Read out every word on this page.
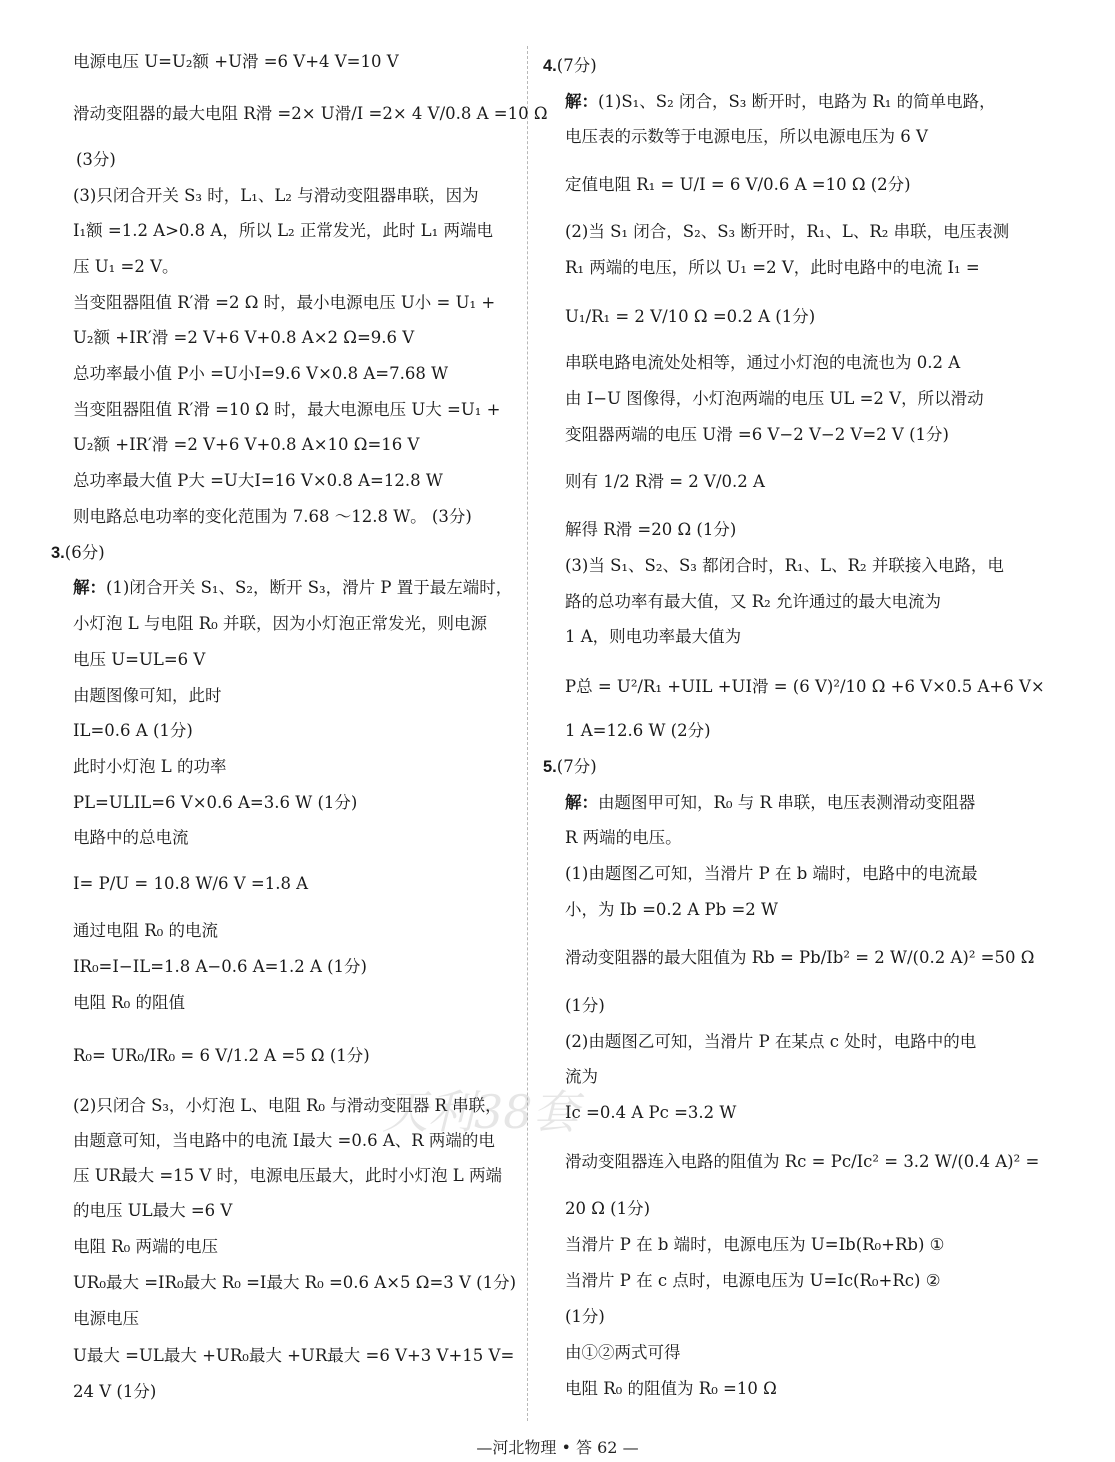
电源电压 U=U₂额 +U滑 =6 V+4 V=10 V
滑动变阻器的最大电阻 R滑 =2× U滑/I =2× 4 V/0.8 A =10 Ω
(3分)
(3)只闭合开关 S₃ 时，L₁、L₂ 与滑动变阻器串联，因为
I₁额 =1.2 A>0.8 A，所以 L₂ 正常发光，此时 L₁ 两端电
压 U₁ =2 V。
当变阻器阻值 R′滑 =2 Ω 时，最小电源电压 U小 = U₁ +
U₂额 +IR′滑 =2 V+6 V+0.8 A×2 Ω=9.6 V
总功率最小值 P小 =U小I=9.6 V×0.8 A=7.68 W
当变阻器阻值 R′滑 =10 Ω 时，最大电源电压 U大 =U₁ +
U₂额 +IR′滑 =2 V+6 V+0.8 A×10 Ω=16 V
总功率最大值 P大 =U大I=16 V×0.8 A=12.8 W
则电路总电功率的变化范围为 7.68 ～12.8 W。 (3分)
3.(6分)
解：(1)闭合开关 S₁、S₂，断开 S₃，滑片 P 置于最左端时，
小灯泡 L 与电阻 R₀ 并联，因为小灯泡正常发光，则电源
电压 U=UL=6 V
由题图像可知，此时
IL=0.6 A (1分)
此时小灯泡 L 的功率
PL=ULIL=6 V×0.6 A=3.6 W (1分)
电路中的总电流
I= P/U = 10.8 W/6 V =1.8 A
通过电阻 R₀ 的电流
IR₀=I−IL=1.8 A−0.6 A=1.2 A (1分)
电阻 R₀ 的阻值
R₀= UR₀/IR₀ = 6 V/1.2 A =5 Ω (1分)
(2)只闭合 S₃，小灯泡 L、电阻 R₀ 与滑动变阻器 R 串联，
由题意可知，当电路中的电流 I最大 =0.6 A、R 两端的电
压 UR最大 =15 V 时，电源电压最大，此时小灯泡 L 两端
的电压 UL最大 =6 V
电阻 R₀ 两端的电压
UR₀最大 =IR₀最大 R₀ =I最大 R₀ =0.6 A×5 Ω=3 V (1分)
电源电压
U最大 =UL最大 +UR₀最大 +UR最大 =6 V+3 V+15 V=
24 V (1分)
4.(7分)
解：(1)S₁、S₂ 闭合，S₃ 断开时，电路为 R₁ 的简单电路，
电压表的示数等于电源电压，所以电源电压为 6 V
定值电阻 R₁ = U/I = 6 V/0.6 A =10 Ω (2分)
(2)当 S₁ 闭合，S₂、S₃ 断开时，R₁、L、R₂ 串联，电压表测
R₁ 两端的电压，所以 U₁ =2 V，此时电路中的电流 I₁ =
U₁/R₁ = 2 V/10 Ω =0.2 A (1分)
串联电路电流处处相等，通过小灯泡的电流也为 0.2 A
由 I−U 图像得，小灯泡两端的电压 UL =2 V，所以滑动
变阻器两端的电压 U滑 =6 V−2 V−2 V=2 V (1分)
则有 1/2 R滑 = 2 V/0.2 A
解得 R滑 =20 Ω (1分)
(3)当 S₁、S₂、S₃ 都闭合时，R₁、L、R₂ 并联接入电路，电
路的总功率有最大值，又 R₂ 允许通过的最大电流为
1 A，则电功率最大值为
P总 = U²/R₁ +UIL +UI滑 = (6 V)²/10 Ω +6 V×0.5 A+6 V×
1 A=12.6 W (2分)
5.(7分)
解：由题图甲可知，R₀ 与 R 串联，电压表测滑动变阻器
R 两端的电压。
(1)由题图乙可知，当滑片 P 在 b 端时，电路中的电流最
小，为 Ib =0.2 A Pb =2 W
滑动变阻器的最大阻值为 Rb = Pb/Ib² = 2 W/(0.2 A)² =50 Ω
(1分)
(2)由题图乙可知，当滑片 P 在某点 c 处时，电路中的电
流为
Ic =0.4 A Pc =3.2 W
滑动变阻器连入电路的阻值为 Rc = Pc/Ic² = 3.2 W/(0.4 A)² =
20 Ω (1分)
当滑片 P 在 b 端时，电源电压为 U=Ib(R₀+Rb) ①
当滑片 P 在 c 点时，电源电压为 U=Ic(R₀+Rc) ②
(1分)
由①②两式可得
电阻 R₀ 的阻值为 R₀ =10 Ω
天利38套
—河北物理 • 答 62 —
